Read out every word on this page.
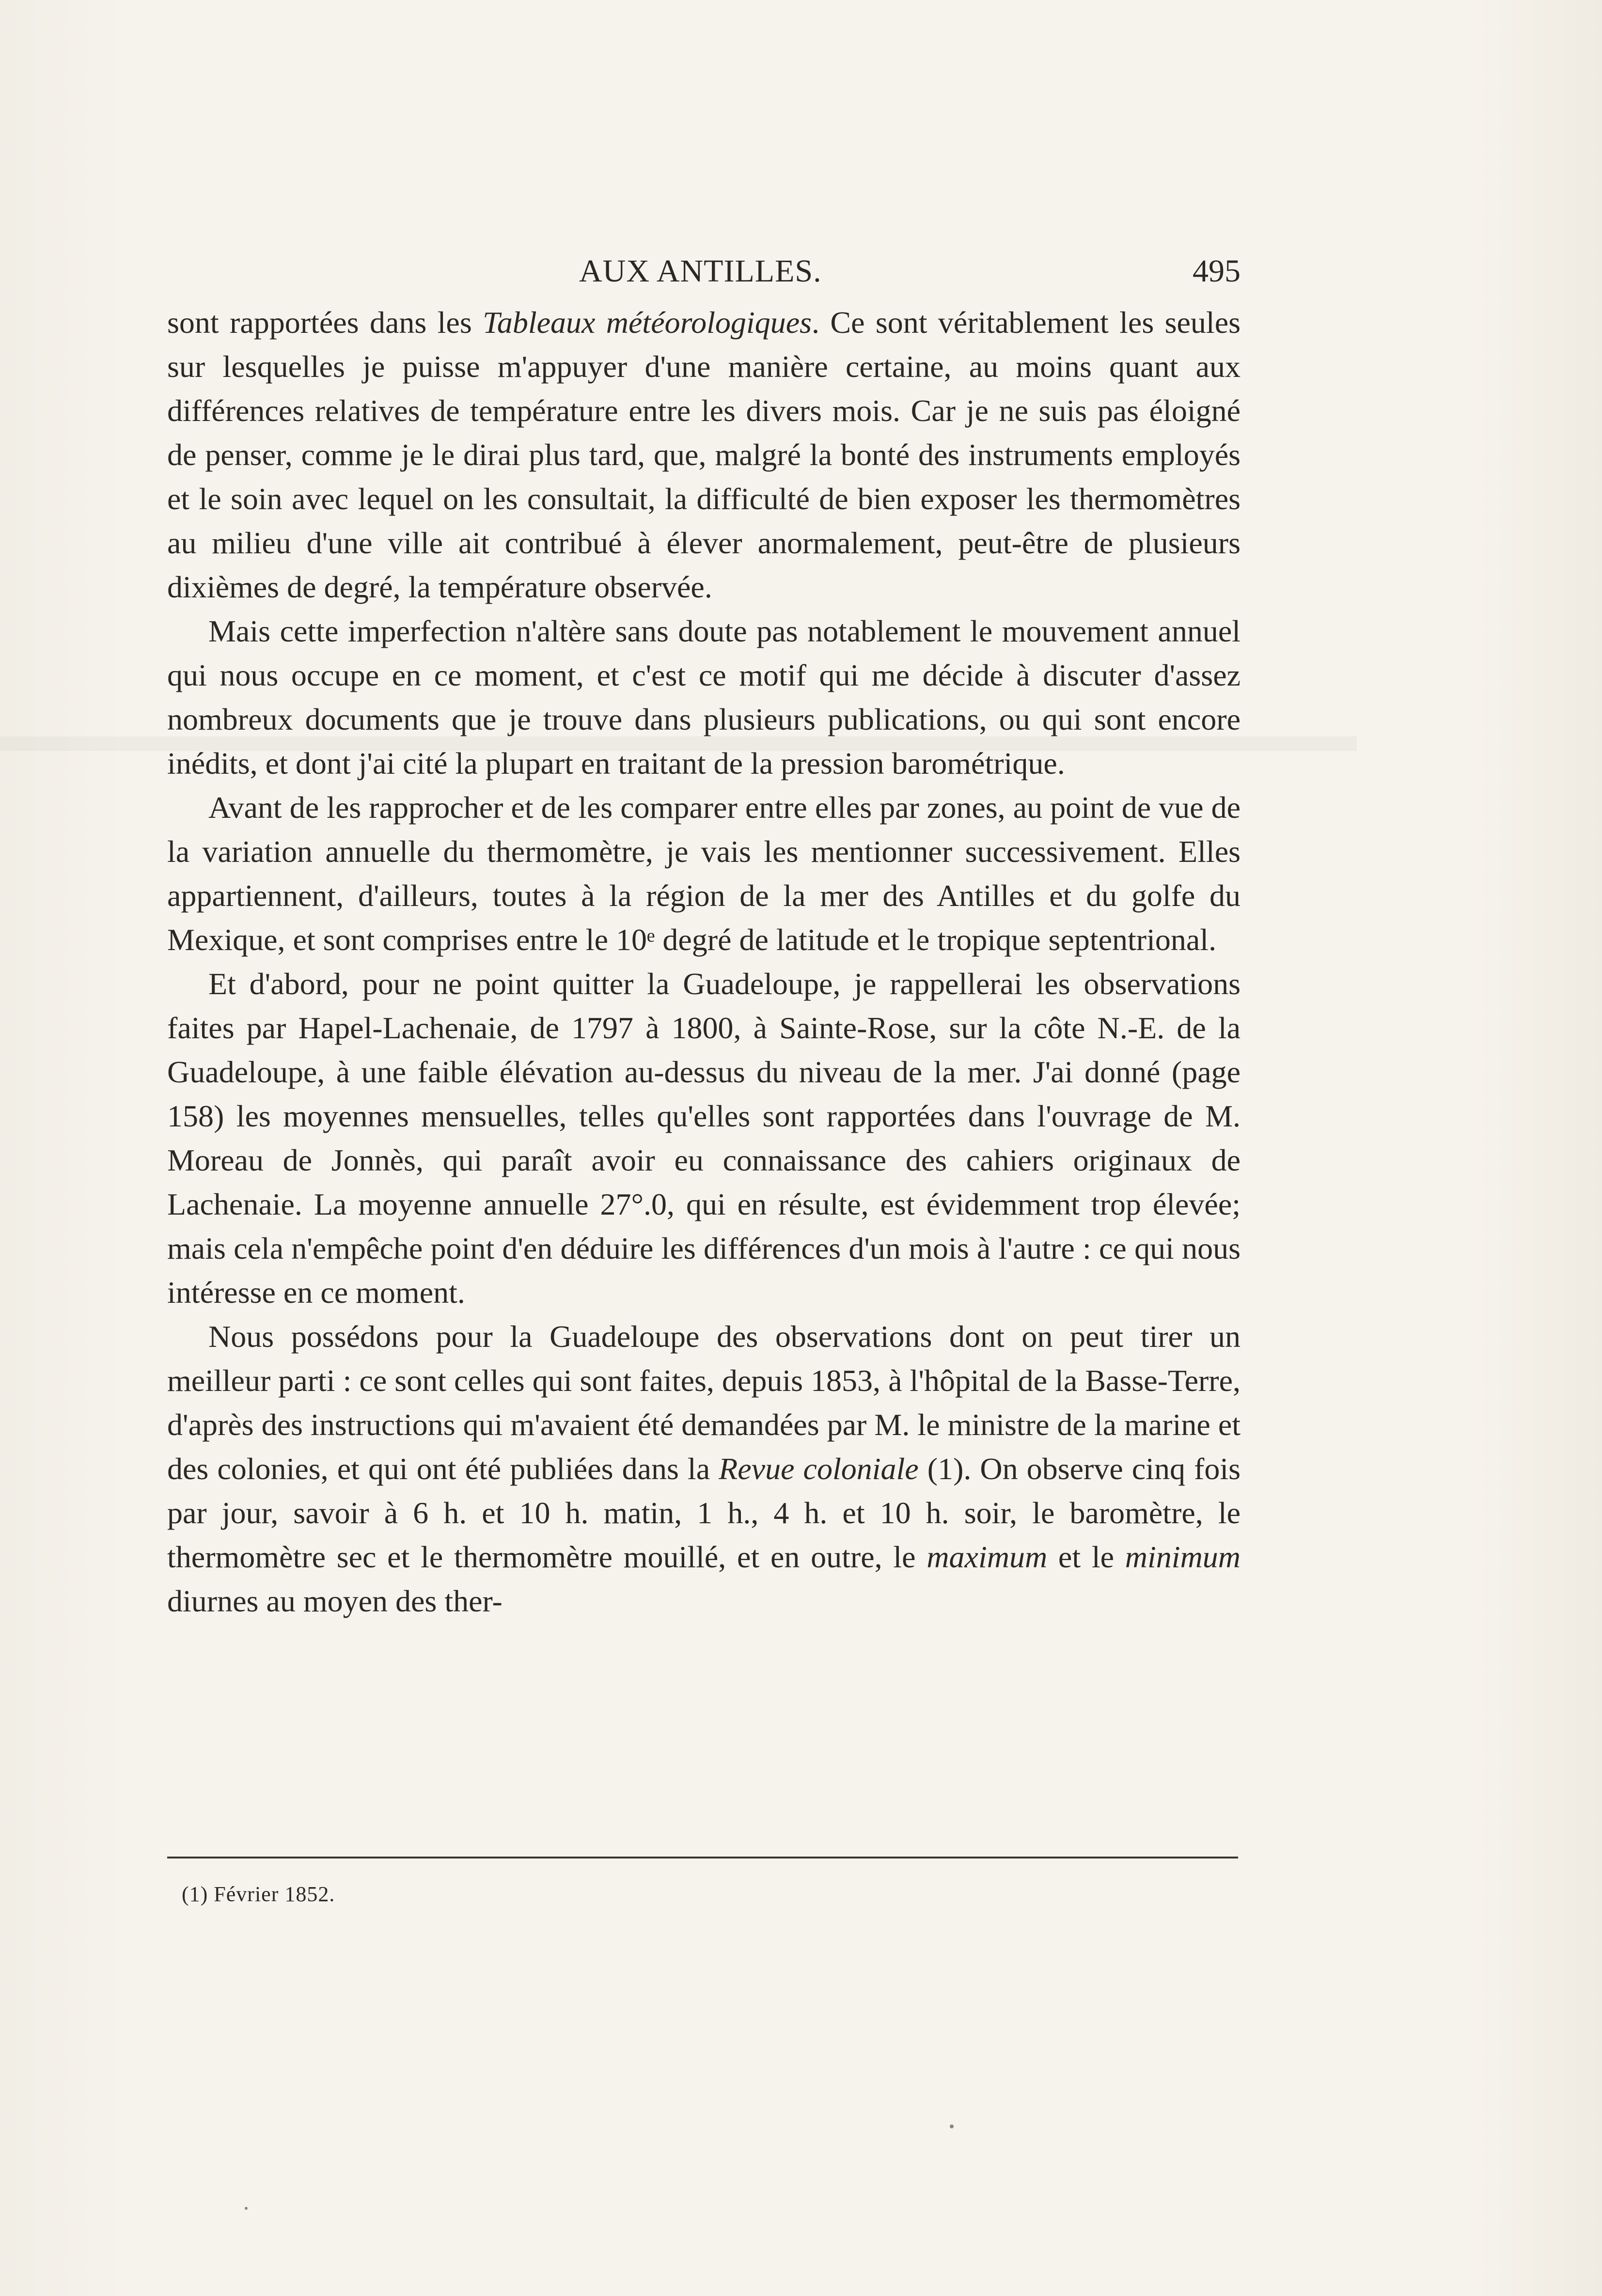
AUX ANTILLES.	495

sont rapportées dans les Tableaux météorologiques. Ce sont véritablement les seules sur lesquelles je puisse m'appuyer d'une manière certaine, au moins quant aux différences relatives de température entre les divers mois. Car je ne suis pas éloigné de penser, comme je le dirai plus tard, que, malgré la bonté des instruments employés et le soin avec lequel on les consultait, la difficulté de bien exposer les thermomètres au milieu d'une ville ait contribué à élever anormalement, peut-être de plusieurs dixièmes de degré, la température observée.

Mais cette imperfection n'altère sans doute pas notablement le mouvement annuel qui nous occupe en ce moment, et c'est ce motif qui me décide à discuter d'assez nombreux documents que je trouve dans plusieurs publications, ou qui sont encore inédits, et dont j'ai cité la plupart en traitant de la pression barométrique.

Avant de les rapprocher et de les comparer entre elles par zones, au point de vue de la variation annuelle du thermomètre, je vais les mentionner successivement. Elles appartiennent, d'ailleurs, toutes à la région de la mer des Antilles et du golfe du Mexique, et sont comprises entre le 10ᵉ degré de latitude et le tropique septentrional.

Et d'abord, pour ne point quitter la Guadeloupe, je rappellerai les observations faites par Hapel-Lachenaie, de 1797 à 1800, à Sainte-Rose, sur la côte N.-E. de la Guadeloupe, à une faible élévation au-dessus du niveau de la mer. J'ai donné (page 158) les moyennes mensuelles, telles qu'elles sont rapportées dans l'ouvrage de M. Moreau de Jonnès, qui paraît avoir eu connaissance des cahiers originaux de Lachenaie. La moyenne annuelle 27°.0, qui en résulte, est évidemment trop élevée; mais cela n'empêche point d'en déduire les différences d'un mois à l'autre : ce qui nous intéresse en ce moment.

Nous possédons pour la Guadeloupe des observations dont on peut tirer un meilleur parti : ce sont celles qui sont faites, depuis 1853, à l'hôpital de la Basse-Terre, d'après des instructions qui m'avaient été demandées par M. le ministre de la marine et des colonies, et qui ont été publiées dans la Revue coloniale (1). On observe cinq fois par jour, savoir à 6 h. et 10 h. matin, 1 h., 4 h. et 10 h. soir, le baromètre, le thermomètre sec et le thermomètre mouillé, et en outre, le maximum et le minimum diurnes au moyen des ther-

(1) Février 1852.
